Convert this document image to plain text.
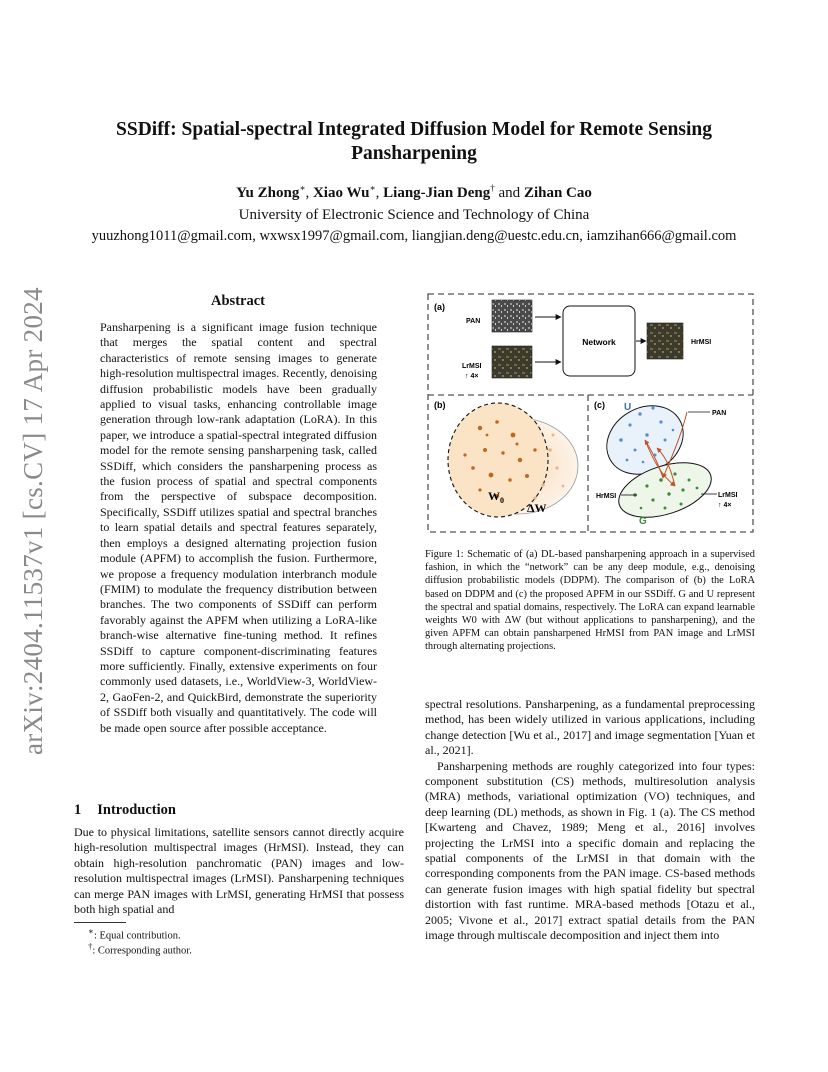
arXiv:2404.11537v1 [cs.CV] 17 Apr 2024
SSDiff: Spatial-spectral Integrated Diffusion Model for Remote Sensing Pansharpening
Yu Zhong∗, Xiao Wu∗, Liang-Jian Deng† and Zihan Cao
University of Electronic Science and Technology of China
yuuzhong1011@gmail.com, wxwsx1997@gmail.com, liangjian.deng@uestc.edu.cn, iamzihan666@gmail.com
Abstract
Pansharpening is a significant image fusion technique that merges the spatial content and spectral characteristics of remote sensing images to generate high-resolution multispectral images. Recently, denoising diffusion probabilistic models have been gradually applied to visual tasks, enhancing controllable image generation through low-rank adaptation (LoRA). In this paper, we introduce a spatial-spectral integrated diffusion model for the remote sensing pansharpening task, called SSDiff, which considers the pansharpening process as the fusion process of spatial and spectral components from the perspective of subspace decomposition. Specifically, SSDiff utilizes spatial and spectral branches to learn spatial details and spectral features separately, then employs a designed alternating projection fusion module (APFM) to accomplish the fusion. Furthermore, we propose a frequency modulation interbranch module (FMIM) to modulate the frequency distribution between branches. The two components of SSDiff can perform favorably against the APFM when utilizing a LoRA-like branch-wise alternative fine-tuning method. It refines SSDiff to capture component-discriminating features more sufficiently. Finally, extensive experiments on four commonly used datasets, i.e., WorldView-3, WorldView-2, GaoFen-2, and QuickBird, demonstrate the superiority of SSDiff both visually and quantitatively. The code will be made open source after possible acceptance.
1 Introduction
Due to physical limitations, satellite sensors cannot directly acquire high-resolution multispectral images (HrMSI). Instead, they can obtain high-resolution panchromatic (PAN) images and low-resolution multispectral images (LrMSI). Pansharpening techniques can merge PAN images with LrMSI, generating HrMSI that possess both high spatial and
∗: Equal contribution.
†: Corresponding author.
(a)
PAN
LrMSI
↑ 4×
Network	HrMSI
(b)
$W_0$
ΔW
(c)
PAN
U
G
HrMSI	LrMSI
↑ 4×
Figure 1: Schematic of (a) DL-based pansharpening approach in a supervised fashion, in which the “network” can be any deep module, e.g., denoising diffusion probabilistic models (DDPM). The comparison of (b) the LoRA based on DDPM and (c) the proposed APFM in our SSDiff. G and U represent the spectral and spatial domains, respectively. The LoRA can expand learnable weights W0 with ΔW (but without applications to pansharpening), and the given APFM can obtain pansharpened HrMSI from PAN image and LrMSI through alternating projections.
spectral resolutions. Pansharpening, as a fundamental preprocessing method, has been widely utilized in various applications, including change detection [Wu et al., 2017] and image segmentation [Yuan et al., 2021].
Pansharpening methods are roughly categorized into four types: component substitution (CS) methods, multiresolution analysis (MRA) methods, variational optimization (VO) techniques, and deep learning (DL) methods, as shown in Fig. 1 (a). The CS method [Kwarteng and Chavez, 1989; Meng et al., 2016] involves projecting the LrMSI into a specific domain and replacing the spatial components of the LrMSI in that domain with the corresponding components from the PAN image. CS-based methods can generate fusion images with high spatial fidelity but spectral distortion with fast runtime. MRA-based methods [Otazu et al., 2005; Vivone et al., 2017] extract spatial details from the PAN image through multiscale decomposition and inject them into
